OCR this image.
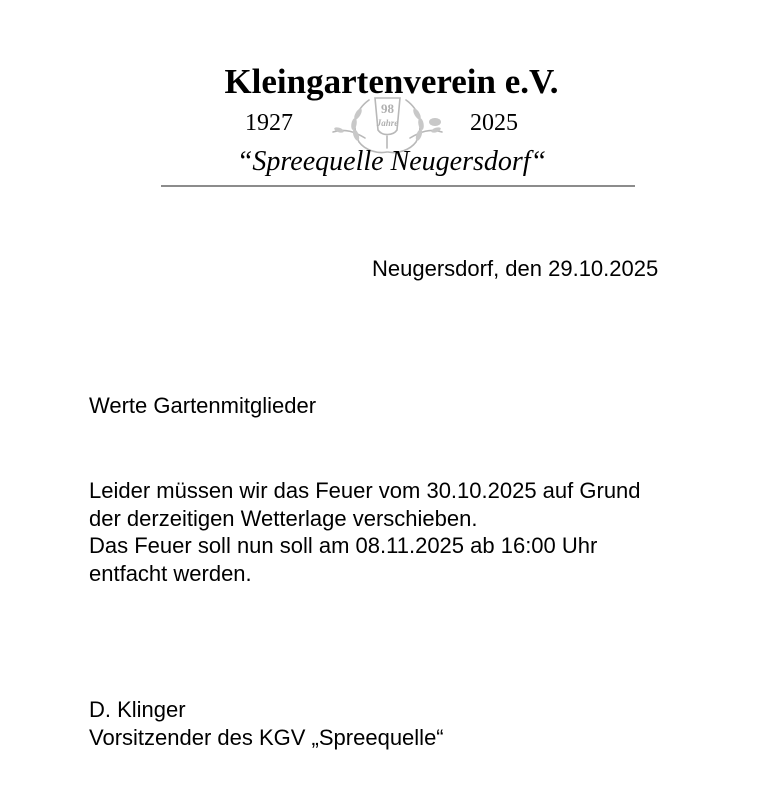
Kleingartenverein e.V.
98
Jahre
1927	2025
“Spreequelle Neugersdorf“
Neugersdorf, den 29.10.2025
Werte Gartenmitglieder
Leider müssen wir das Feuer vom 30.10.2025 auf Grund
der derzeitigen Wetterlage verschieben.
Das Feuer soll nun soll am 08.11.2025 ab 16:00 Uhr
entfacht werden.
D. Klinger
Vorsitzender des KGV „Spreequelle“
